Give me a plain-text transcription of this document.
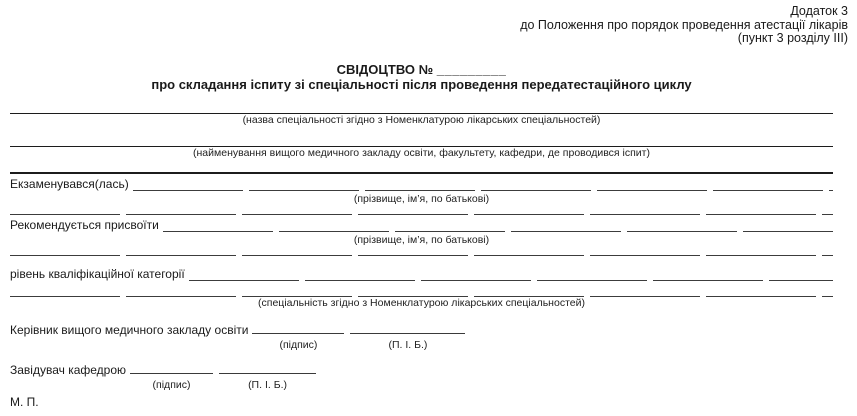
Додаток 3
до Положення про порядок проведення атестації лікарів
(пункт 3 розділу III)
СВІДОЦТВО № _________
про складання іспиту зі спеціальності після проведення передатестаційного циклу
(назва спеціальності згідно з Номенклатурою лікарських спеціальностей)
(найменування вищого медичного закладу освіти, факультету, кафедри, де проводився іспит)
Екзаменувався(лась)
(прізвище, ім’я, по батькові)
Рекомендується присвоїти
(прізвище, ім’я, по батькові)
рівень кваліфікаційної категорії
(спеціальність згідно з Номенклатурою лікарських спеціальностей)
Керівник вищого медичного закладу освіти
(підпис)	(П. І. Б.)
Завідувач кафедрою
(підпис)	(П. І. Б.)
М. П.
